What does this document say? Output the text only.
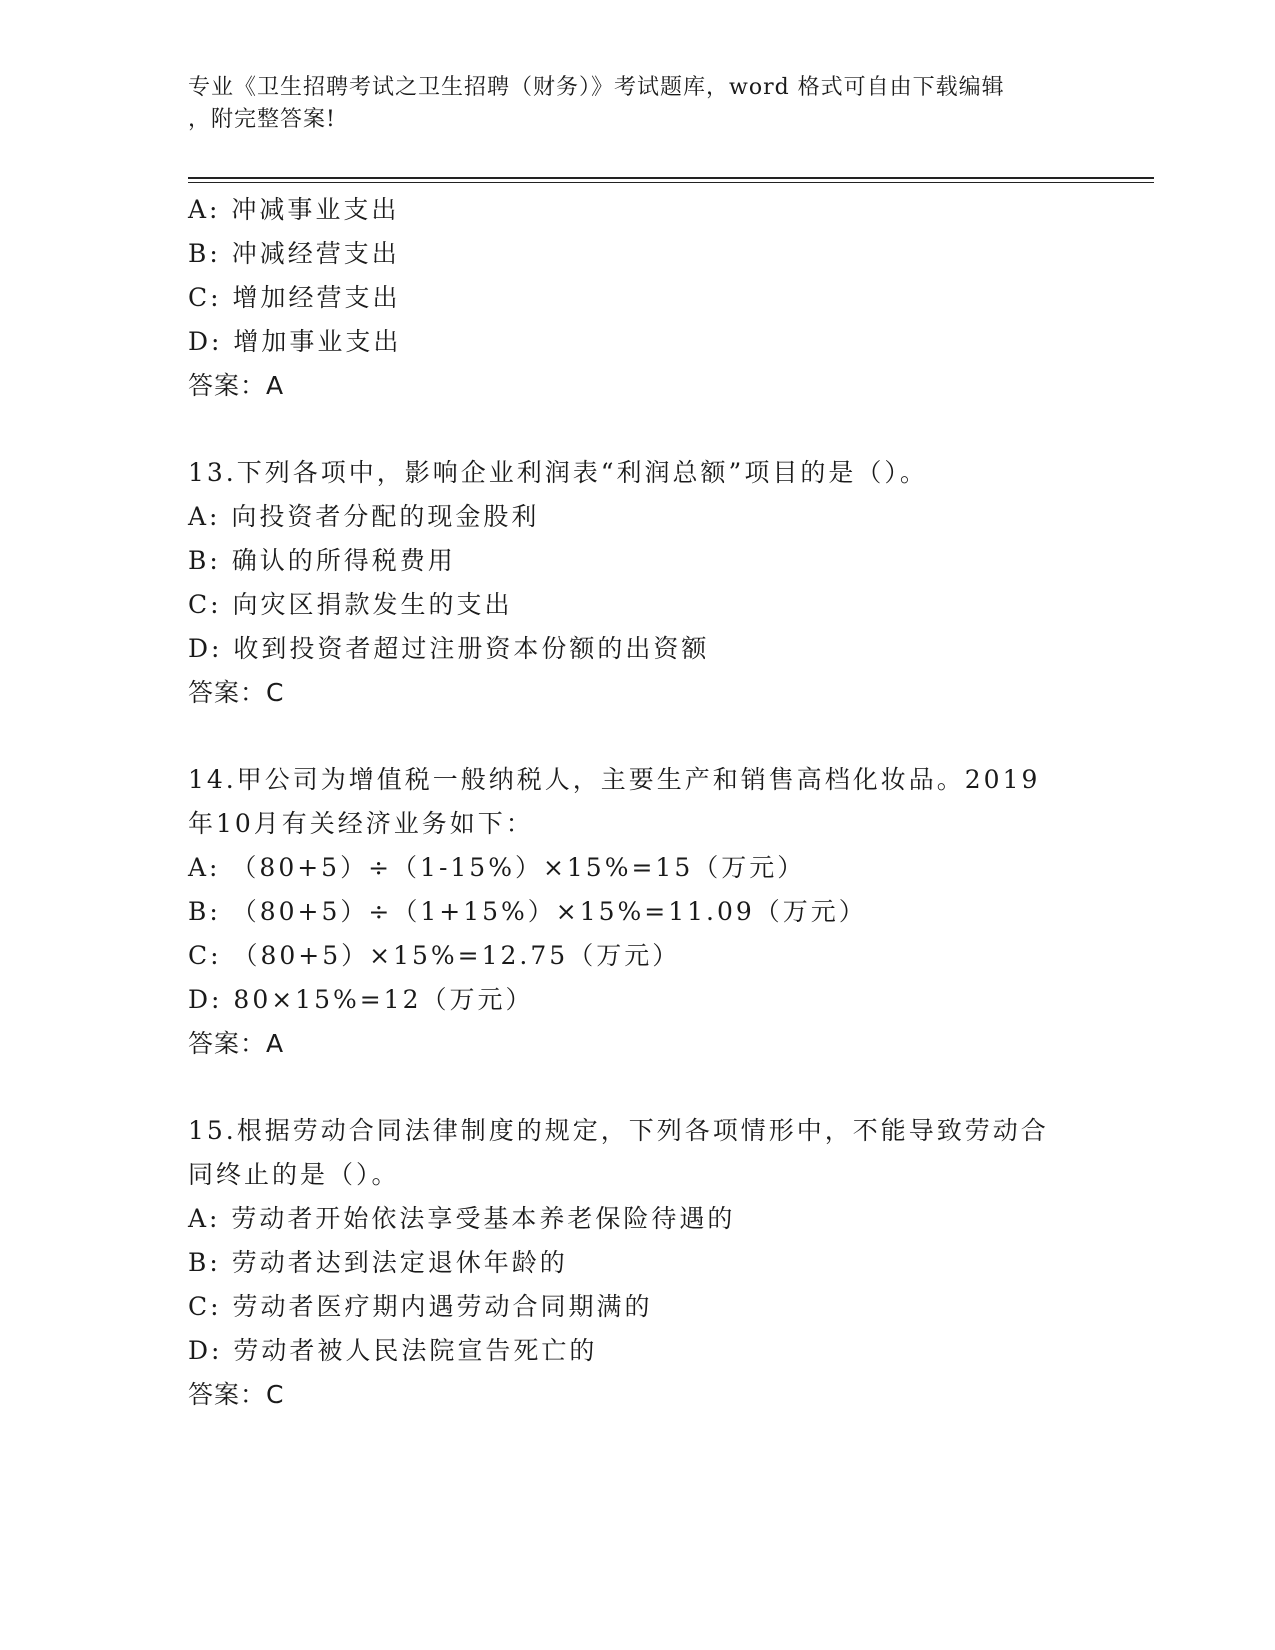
专业《卫生招聘考试之卫生招聘（财务）》考试题库，word 格式可自由下载编辑
，附完整答案!
A: 冲减事业支出
B: 冲减经营支出
C: 增加经营支出
D: 增加事业支出
答案：A
13.下列各项中，影响企业利润表“利润总额”项目的是（）。
A: 向投资者分配的现金股利
B: 确认的所得税费用
C: 向灾区捐款发生的支出
D: 收到投资者超过注册资本份额的出资额
答案：C
14.甲公司为增值税一般纳税人，主要生产和销售高档化妆品。2019
年10月有关经济业务如下：
A: （80+5）÷（1-15%）×15%=15（万元）
B: （80+5）÷（1+15%）×15%=11.09（万元）
C: （80+5）×15%=12.75（万元）
D: 80×15%=12（万元）
答案：A
15.根据劳动合同法律制度的规定，下列各项情形中，不能导致劳动合
同终止的是（）。
A: 劳动者开始依法享受基本养老保险待遇的
B: 劳动者达到法定退休年龄的
C: 劳动者医疗期内遇劳动合同期满的
D: 劳动者被人民法院宣告死亡的
答案：C
